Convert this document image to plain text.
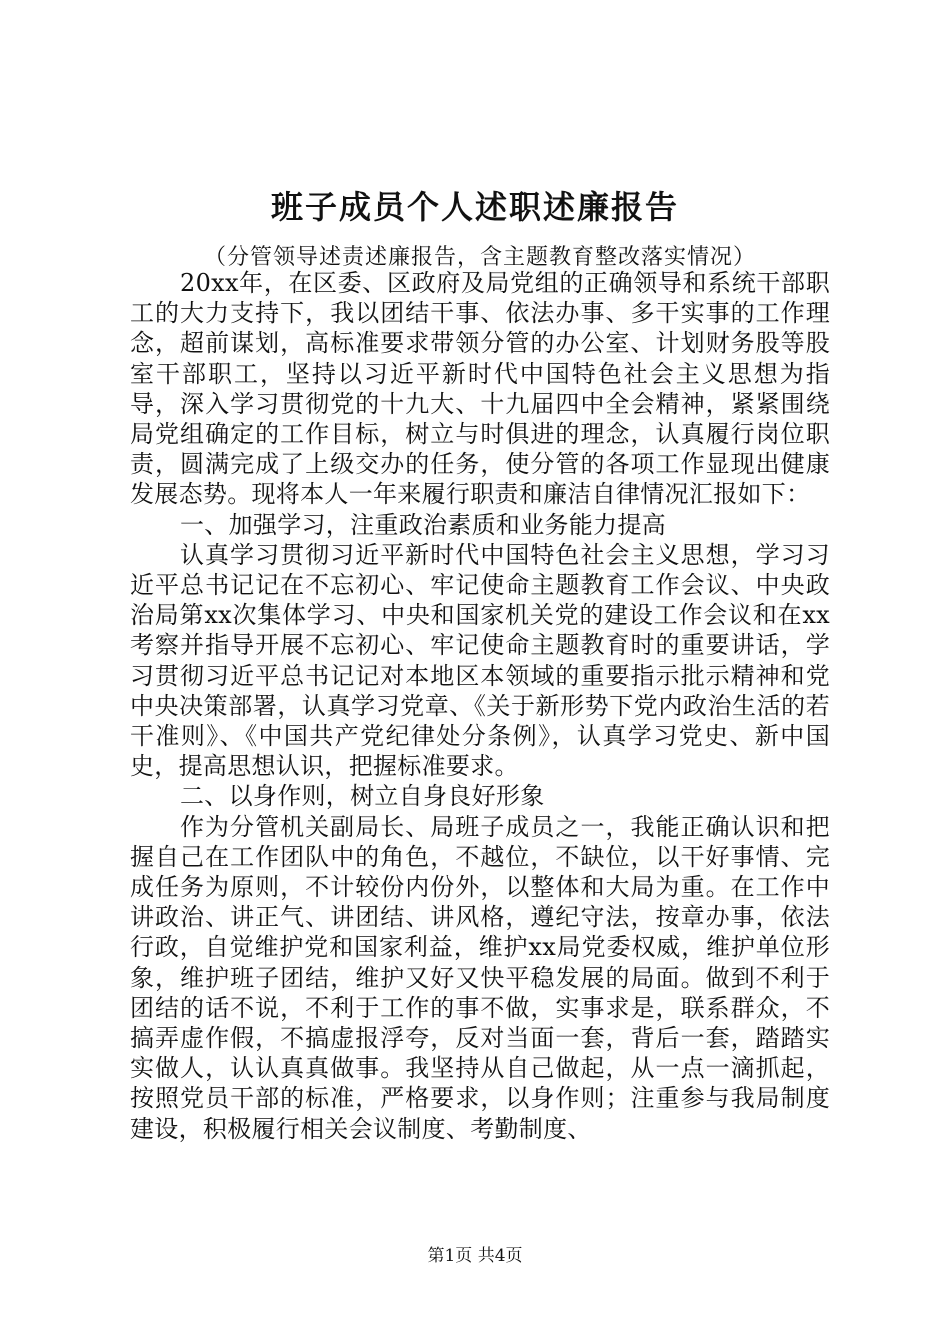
班子成员个人述职述廉报告
（分管领导述责述廉报告，含主题教育整改落实情况）

20xx年，在区委、区政府及局党组的正确领导和系统干部职工的大力支持下，我以团结干事、依法办事、多干实事的工作理念，超前谋划，高标准要求带领分管的办公室、计划财务股等股室干部职工，坚持以习近平新时代中国特色社会主义思想为指导，深入学习贯彻党的十九大、十九届四中全会精神，紧紧围绕局党组确定的工作目标，树立与时俱进的理念，认真履行岗位职责，圆满完成了上级交办的任务，使分管的各项工作显现出健康发展态势。现将本人一年来履行职责和廉洁自律情况汇报如下：

一、加强学习，注重政治素质和业务能力提高

认真学习贯彻习近平新时代中国特色社会主义思想，学习习近平总书记记在不忘初心、牢记使命主题教育工作会议、中央政治局第xx次集体学习、中央和国家机关党的建设工作会议和在xx考察并指导开展不忘初心、牢记使命主题教育时的重要讲话，学习贯彻习近平总书记记对本地区本领域的重要指示批示精神和党中央决策部署，认真学习党章、《关于新形势下党内政治生活的若干准则》、《中国共产党纪律处分条例》，认真学习党史、新中国史，提高思想认识，把握标准要求。

二、以身作则，树立自身良好形象

作为分管机关副局长、局班子成员之一，我能正确认识和把握自己在工作团队中的角色，不越位，不缺位，以干好事情、完成任务为原则，不计较份内份外，以整体和大局为重。在工作中讲政治、讲正气、讲团结、讲风格，遵纪守法，按章办事，依法行政，自觉维护党和国家利益，维护xx局党委权威，维护单位形象，维护班子团结，维护又好又快平稳发展的局面。做到不利于团结的话不说，不利于工作的事不做，实事求是，联系群众，不搞弄虚作假，不搞虚报浮夸，反对当面一套，背后一套，踏踏实实做人，认认真真做事。我坚持从自己做起，从一点一滴抓起，按照党员干部的标准，严格要求，以身作则；注重参与我局制度建设，积极履行相关会议制度、考勤制度、

第1页 共4页
